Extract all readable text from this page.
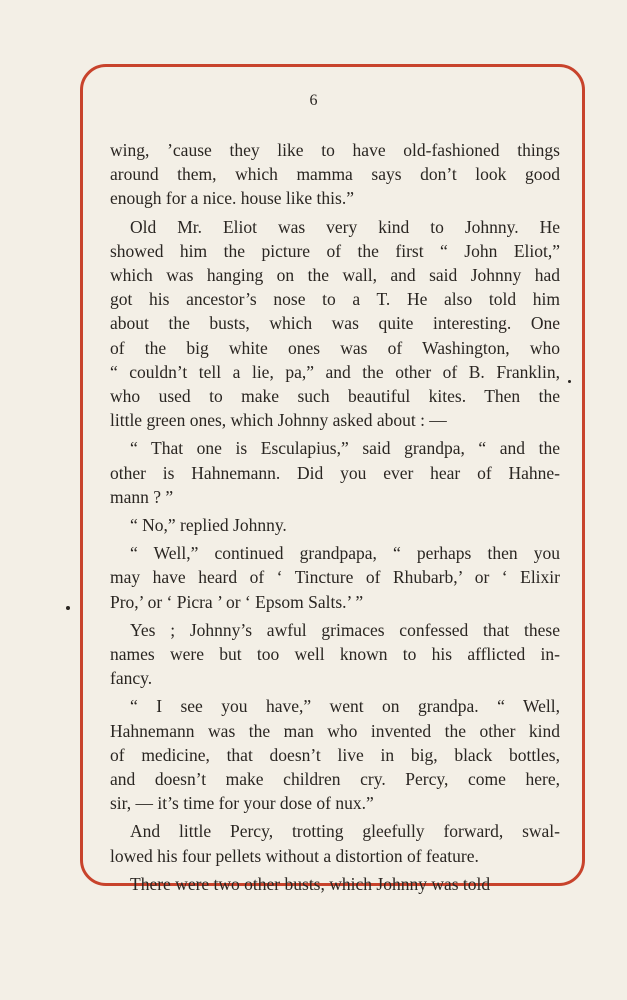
6
wing, ’cause they like to have old-fashioned things
around them, which mamma says don’t look good
enough for a nice. house like this.”
Old Mr. Eliot was very kind to Johnny. He
showed him the picture of the first “ John Eliot,”
which was hanging on the wall, and said Johnny had
got his ancestor’s nose to a T. He also told him
about the busts, which was quite interesting. One
of the big white ones was of Washington, who
“ couldn’t tell a lie, pa,” and the other of B. Franklin,
who used to make such beautiful kites. Then the
little green ones, which Johnny asked about : —
“ That one is Esculapius,” said grandpa, “ and the
other is Hahnemann. Did you ever hear of Hahne-
mann ? ”
“ No,” replied Johnny.
“ Well,” continued grandpapa, “ perhaps then you
may have heard of ‘ Tincture of Rhubarb,’ or ‘ Elixir
Pro,’ or ‘ Picra ’ or ‘ Epsom Salts.’ ”
Yes ; Johnny’s awful grimaces confessed that these
names were but too well known to his afflicted in-
fancy.
“ I see you have,” went on grandpa. “ Well,
Hahnemann was the man who invented the other kind
of medicine, that doesn’t live in big, black bottles,
and doesn’t make children cry. Percy, come here,
sir, — it’s time for your dose of nux.”
And little Percy, trotting gleefully forward, swal-
lowed his four pellets without a distortion of feature.
There were two other busts, which Johnny was told
